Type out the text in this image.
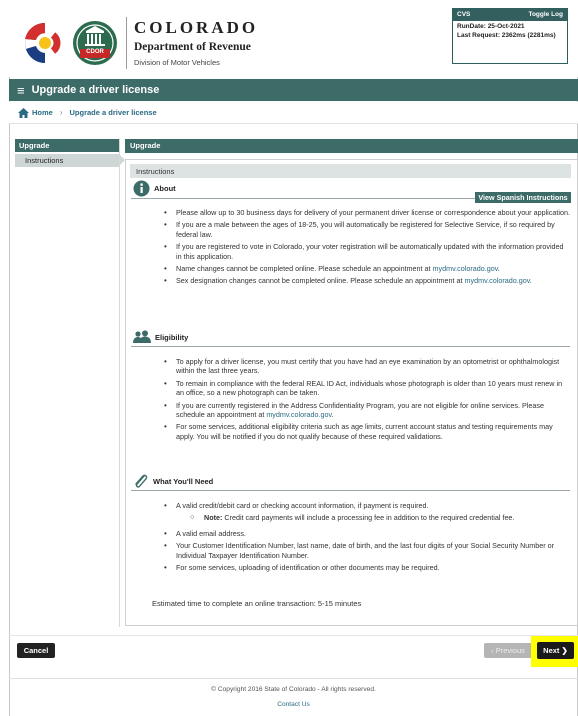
CDOR
COLORADO
Department of Revenue
Division of Motor Vehicles
CVS	Toggle Log
RunDate: 25-Oct-2021
Last Request: 2362ms (2281ms)
≡ Upgrade a driver license
Home › Upgrade a driver license
Upgrade
Instructions
Upgrade
Instructions
About
View Spanish Instructions
• Please allow up to 30 business days for delivery of your permanent driver license or correspondence about your application.
• If you are a male between the ages of 18-25, you will automatically be registered for Selective Service, if so required by federal law.
• If you are registered to vote in Colorado, your voter registration will be automatically updated with the information provided in this application.
• Name changes cannot be completed online. Please schedule an appointment at mydmv.colorado.gov.
• Sex designation changes cannot be completed online. Please schedule an appointment at mydmv.colorado.gov.
Eligibility
• To apply for a driver license, you must certify that you have had an eye examination by an optometrist or ophthalmologist within the last three years.
• To remain in compliance with the federal REAL ID Act, individuals whose photograph is older than 10 years must renew in an office, so a new photograph can be taken.
• If you are currently registered in the Address Confidentiality Program, you are not eligible for online services. Please schedule an appointment at mydmv.colorado.gov.
• For some services, additional eligibility criteria such as age limits, current account status and testing requirements may apply. You will be notified if you do not qualify because of these required validations.
What You'll Need
• A valid credit/debit card or checking account information, if payment is required.
○ Note: Credit card payments will include a processing fee in addition to the required credential fee.
• A valid email address.
• Your Customer Identification Number, last name, date of birth, and the last four digits of your Social Security Number or Individual Taxpayer Identification Number.
• For some services, uploading of identification or other documents may be required.
Estimated time to complete an online transaction: 5-15 minutes
Cancel	‹ Previous	Next ❯
© Copyright 2016 State of Colorado - All rights reserved.
Contact Us
